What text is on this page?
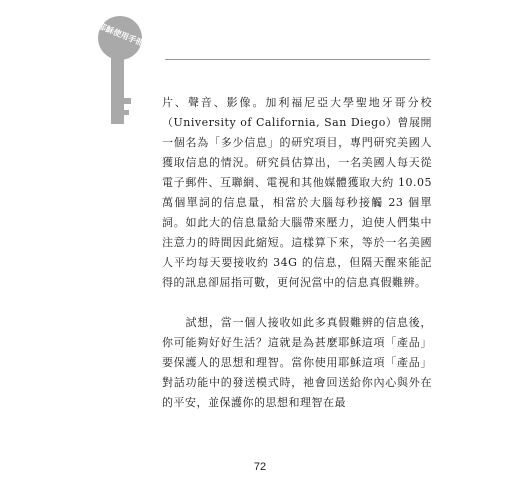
耶穌使用手冊

片、聲音、影像。加利福尼亞大學聖地牙哥分校（University of California, San Diego）曾展開一個名為「多少信息」的研究項目，專門研究美國人獲取信息的情況。研究員估算出，一名美國人每天從電子郵件、互聯網、電視和其他媒體獲取大約 10.05 萬個單詞的信息量，相當於大腦每秒接觸 23 個單詞。如此大的信息量給大腦帶來壓力，迫使人們集中注意力的時間因此縮短。這樣算下來，等於一名美國人平均每天要接收約 34G 的信息，但隔天醒來能記得的訊息卻屈指可數，更何況當中的信息真假難辨。

　　試想，當一個人接收如此多真假難辨的信息後，你可能夠好好生活？這就是為甚麼耶穌這項「產品」要保護人的思想和理智。當你使用耶穌這項「產品」對話功能中的發送模式時，祂會回送給你內心與外在的平安，並保護你的思想和理智在最

72
